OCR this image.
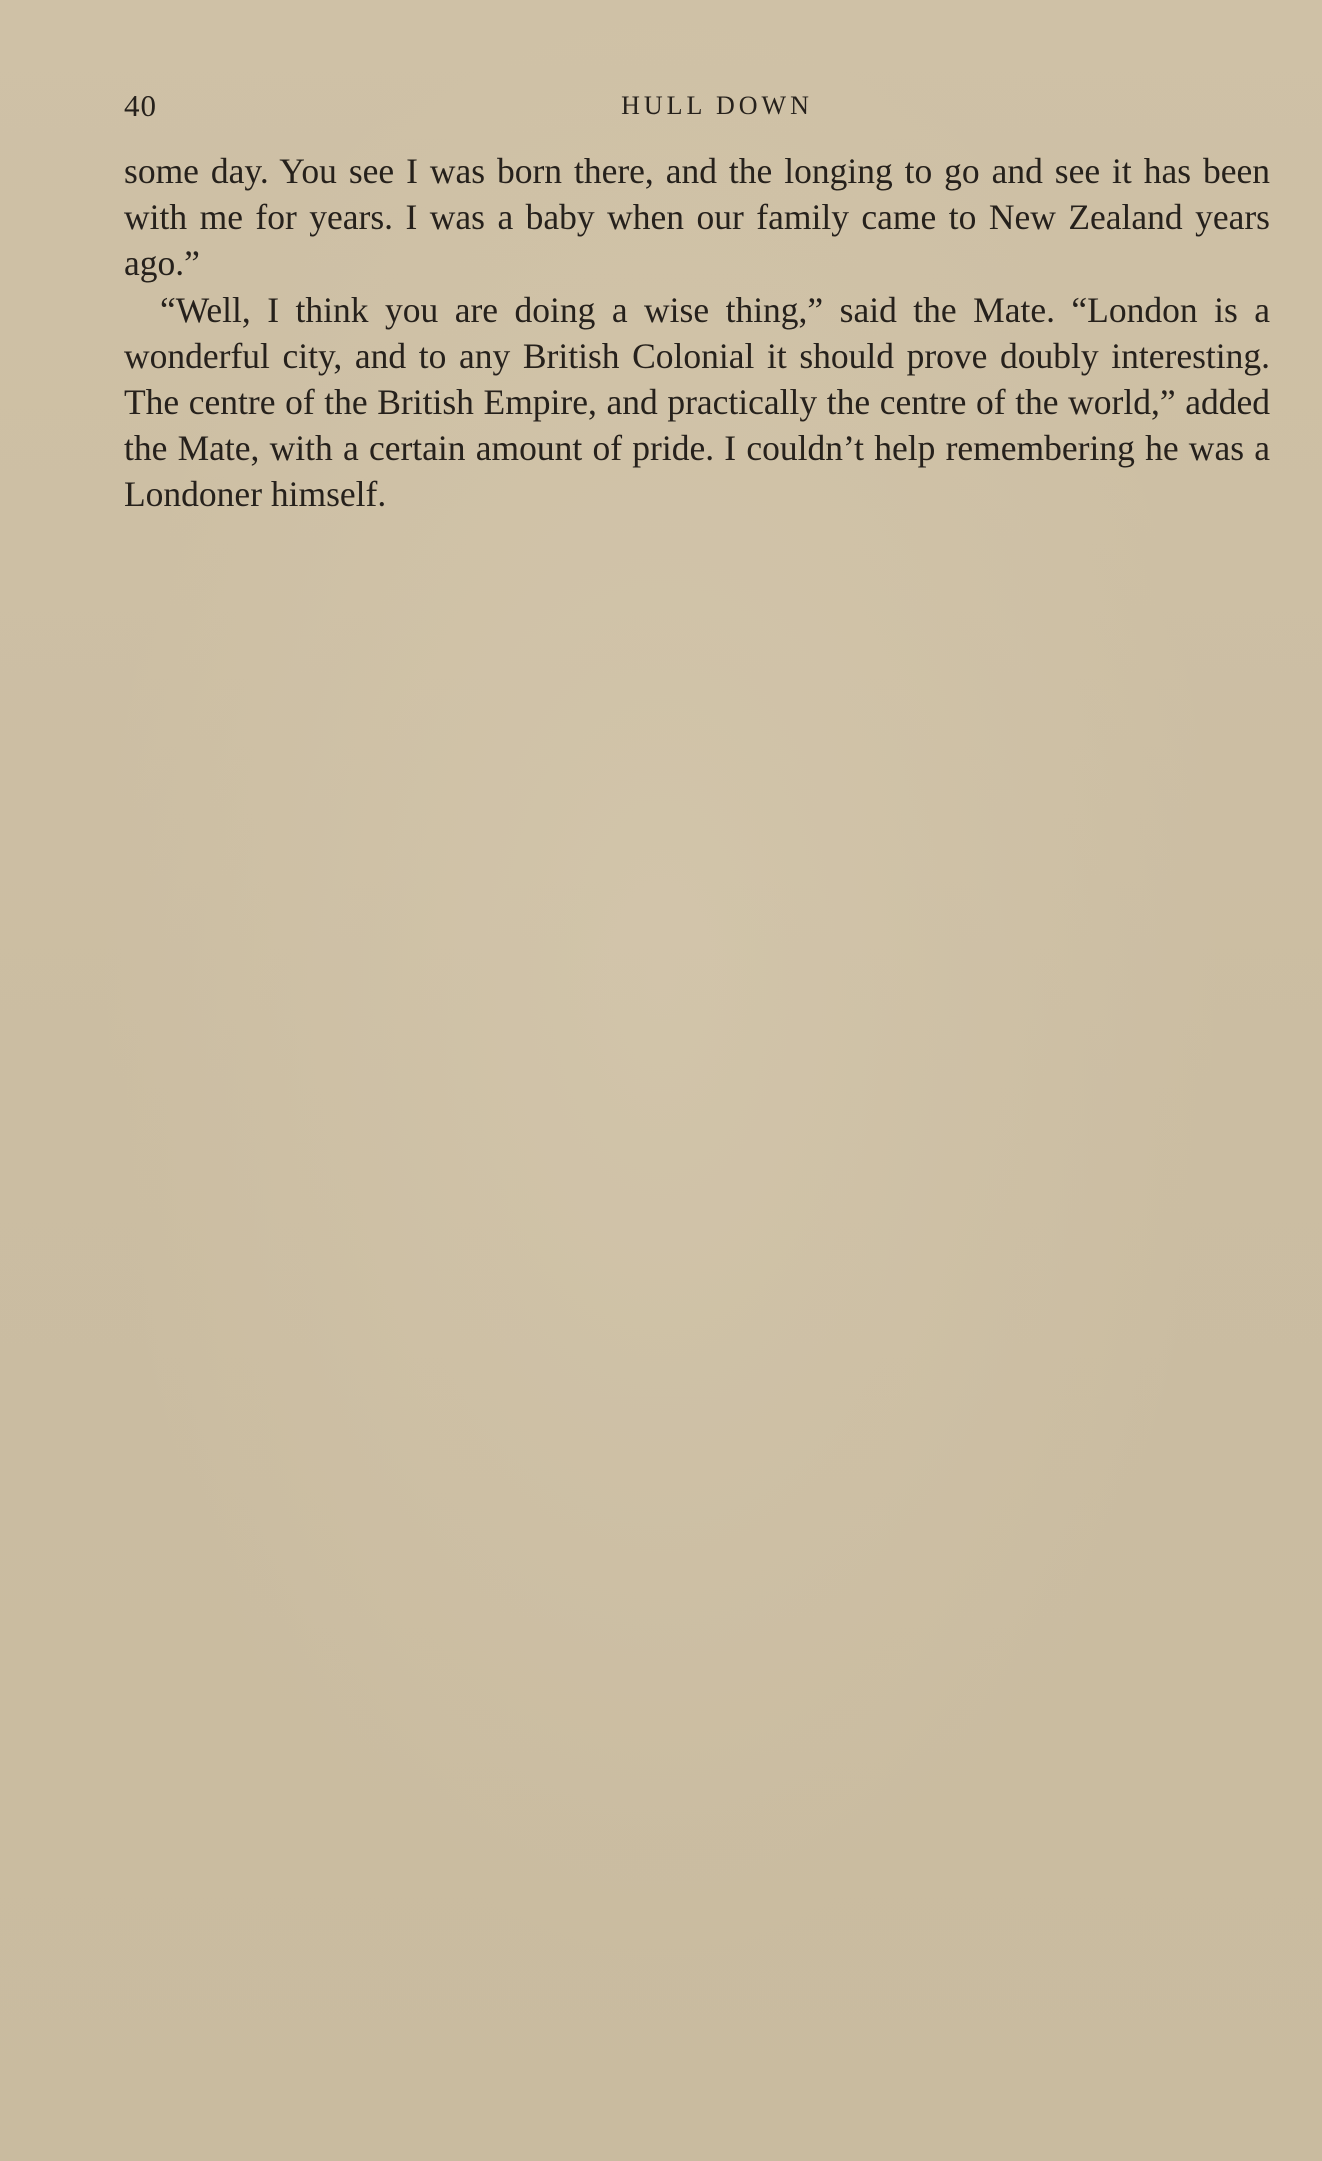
40	HULL DOWN

some day. You see I was born there, and the longing to go and see it has been with me for years. I was a baby when our family came to New Zealand years ago.”

“Well, I think you are doing a wise thing,” said the Mate. “London is a wonderful city, and to any British Colonial it should prove doubly interesting. The centre of the British Empire, and practically the centre of the world,” added the Mate, with a certain amount of pride. I couldn’t help remembering he was a Londoner himself.
